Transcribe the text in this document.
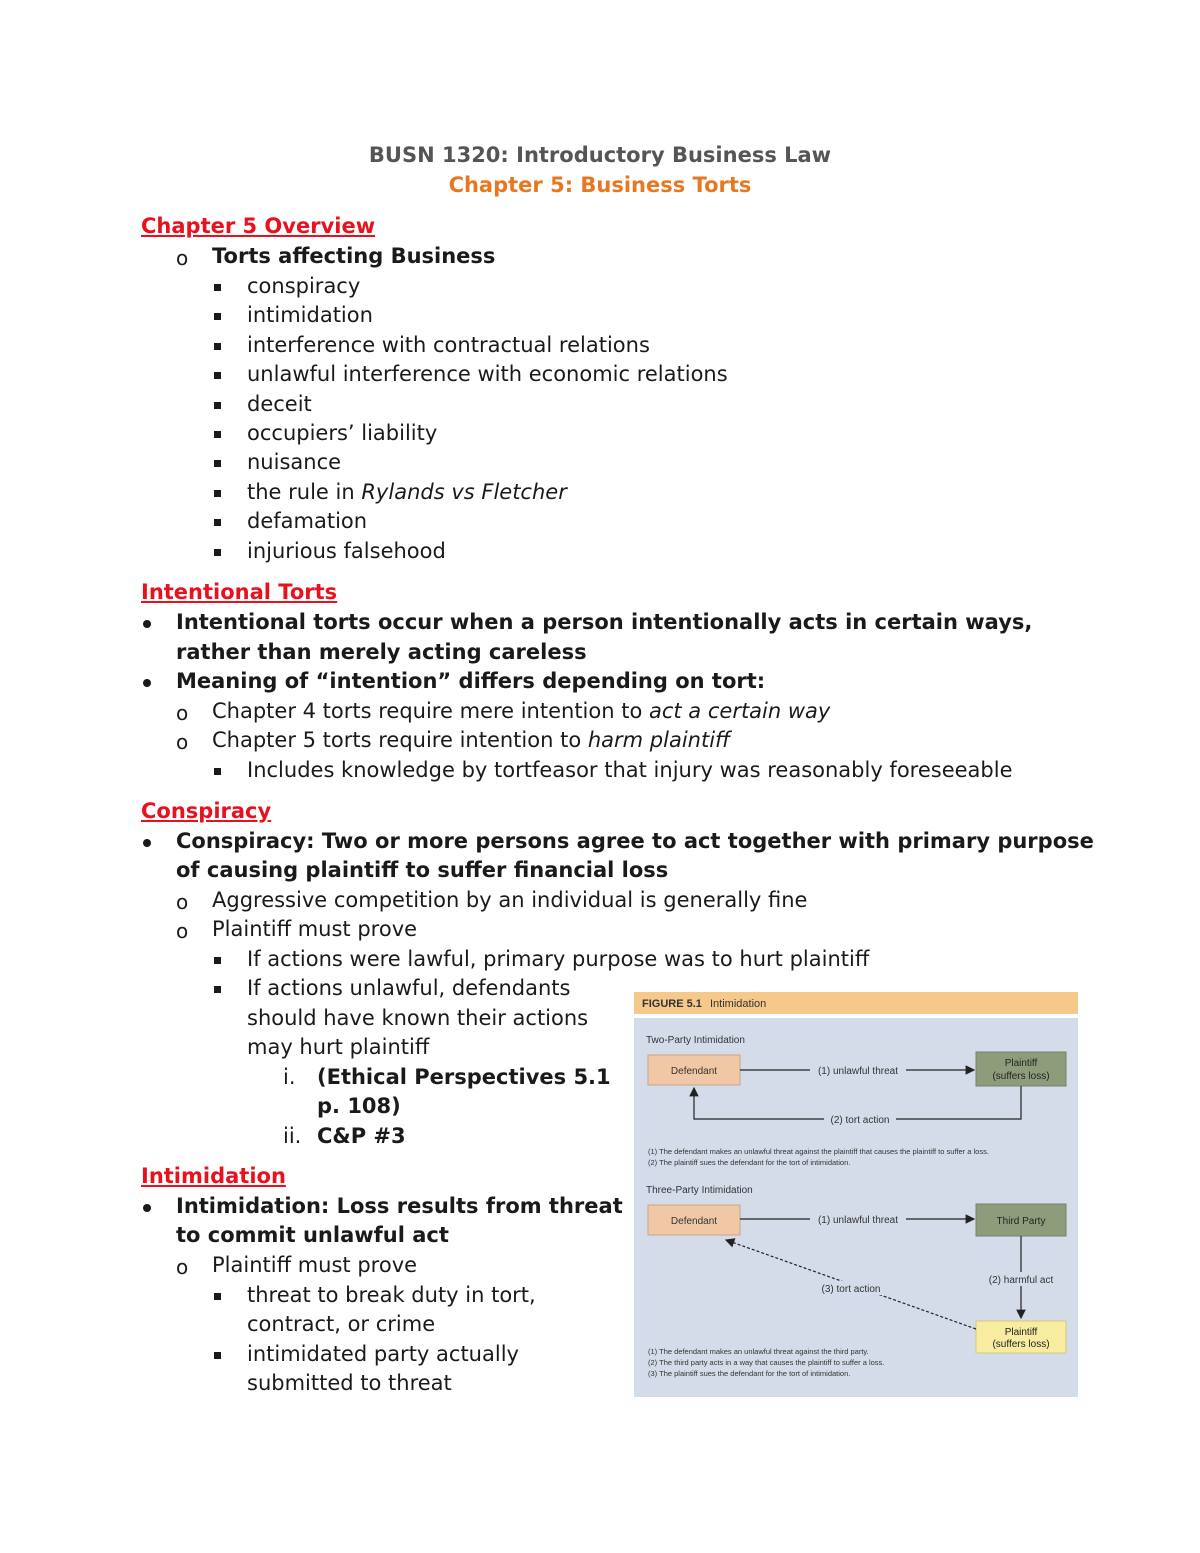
BUSN 1320: Introductory Business Law
Chapter 5: Business Torts
Chapter 5 Overview
o Torts affecting Business
conspiracy
intimidation
interference with contractual relations
unlawful interference with economic relations
deceit
occupiers’ liability
nuisance
the rule in Rylands vs Fletcher
defamation
injurious falsehood
Intentional Torts
Intentional torts occur when a person intentionally acts in certain ways,
rather than merely acting careless
Meaning of “intention” differs depending on tort:
o Chapter 4 torts require mere intention to act a certain way
o Chapter 5 torts require intention to harm plaintiff
Includes knowledge by tortfeasor that injury was reasonably foreseeable
Conspiracy
Conspiracy: Two or more persons agree to act together with primary purpose
of causing plaintiff to suffer financial loss
o Aggressive competition by an individual is generally fine
o Plaintiff must prove
If actions were lawful, primary purpose was to hurt plaintiff
If actions unlawful, defendants
should have known their actions
may hurt plaintiff
i. (Ethical Perspectives 5.1
p. 108)
ii. C&P #3
Intimidation
Intimidation: Loss results from threat
to commit unlawful act
o Plaintiff must prove
threat to break duty in tort,
contract, or crime
intimidated party actually
submitted to threat
FIGURE 5.1 Intimidation
Two-Party Intimidation
Defendant
Plaintiff
(suffers loss)
(1) unlawful threat
(2) tort action
(1) The defendant makes an unlawful threat against the plaintiff that causes the plaintiff to suffer a loss.
(2) The plaintiff sues the defendant for the tort of intimidation.
Three-Party Intimidation
Defendant	Third Party
(1) unlawful threat
(2) harmful act
Plaintiff
(suffers loss)
(3) tort action
(1) The defendant makes an unlawful threat against the third party.
(2) The third party acts in a way that causes the plaintiff to suffer a loss.
(3) The plaintiff sues the defendant for the tort of intimidation.
